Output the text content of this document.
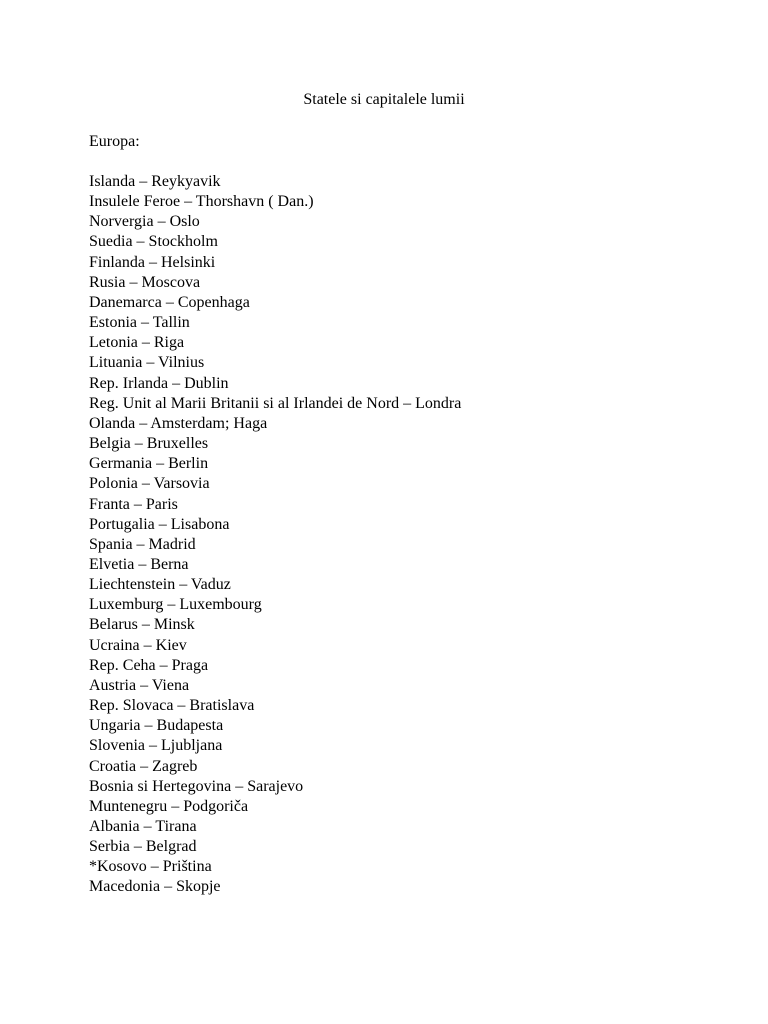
Statele si capitalele lumii
Europa:
Islanda – Reykyavik
Insulele Feroe – Thorshavn ( Dan.)
Norvergia – Oslo
Suedia – Stockholm
Finlanda – Helsinki
Rusia – Moscova
Danemarca – Copenhaga
Estonia – Tallin
Letonia – Riga
Lituania – Vilnius
Rep. Irlanda – Dublin
Reg. Unit al Marii Britanii si al Irlandei de Nord – Londra
Olanda – Amsterdam; Haga
Belgia – Bruxelles
Germania – Berlin
Polonia – Varsovia
Franta – Paris
Portugalia – Lisabona
Spania – Madrid
Elvetia – Berna
Liechtenstein – Vaduz
Luxemburg – Luxembourg
Belarus – Minsk
Ucraina – Kiev
Rep. Ceha – Praga
Austria – Viena
Rep. Slovaca – Bratislava
Ungaria – Budapesta
Slovenia – Ljubljana
Croatia – Zagreb
Bosnia si Hertegovina – Sarajevo
Muntenegru – Podgoriča
Albania – Tirana
Serbia – Belgrad
*Kosovo – Priština
Macedonia – Skopje
